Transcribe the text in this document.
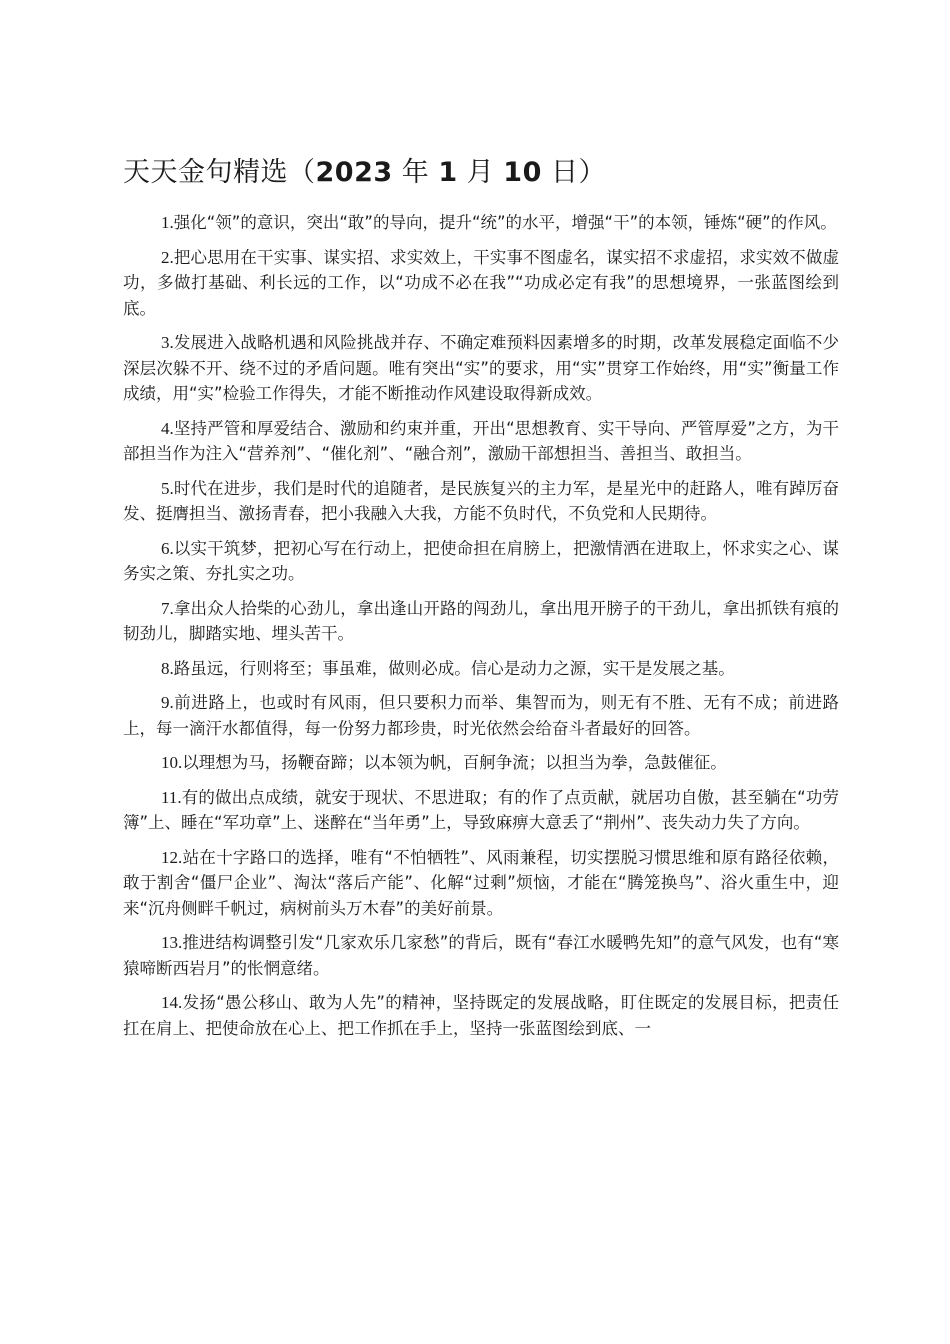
天天金句精选（2023 年 1 月 10 日）

1.强化“领”的意识，突出“敢”的导向，提升“统”的水平，增强“干”的本领，锤炼“硬”的作风。

2.把心思用在干实事、谋实招、求实效上，干实事不图虚名，谋实招不求虚招，求实效不做虚功，多做打基础、利长远的工作，以“功成不必在我”“功成必定有我”的思想境界，一张蓝图绘到底。

3.发展进入战略机遇和风险挑战并存、不确定难预料因素增多的时期，改革发展稳定面临不少深层次躲不开、绕不过的矛盾问题。唯有突出“实”的要求，用“实”贯穿工作始终，用“实”衡量工作成绩，用“实”检验工作得失，才能不断推动作风建设取得新成效。

4.坚持严管和厚爱结合、激励和约束并重，开出“思想教育、实干导向、严管厚爱”之方，为干部担当作为注入“营养剂”、“催化剂”、“融合剂”，激励干部想担当、善担当、敢担当。

5.时代在进步，我们是时代的追随者，是民族复兴的主力军，是星光中的赶路人，唯有踔厉奋发、挺膺担当、激扬青春，把小我融入大我，方能不负时代，不负党和人民期待。

6.以实干筑梦，把初心写在行动上，把使命担在肩膀上，把激情洒在进取上，怀求实之心、谋务实之策、夯扎实之功。

7.拿出众人拾柴的心劲儿，拿出逢山开路的闯劲儿，拿出甩开膀子的干劲儿，拿出抓铁有痕的韧劲儿，脚踏实地、埋头苦干。

8.路虽远，行则将至；事虽难，做则必成。信心是动力之源，实干是发展之基。

9.前进路上，也或时有风雨，但只要积力而举、集智而为，则无有不胜、无有不成；前进路上，每一滴汗水都值得，每一份努力都珍贵，时光依然会给奋斗者最好的回答。

10.以理想为马，扬鞭奋蹄；以本领为帆，百舸争流；以担当为拳，急鼓催征。

11.有的做出点成绩，就安于现状、不思进取；有的作了点贡献，就居功自傲，甚至躺在“功劳簿”上、睡在“军功章”上、迷醉在“当年勇”上，导致麻痹大意丢了“荆州”、丧失动力失了方向。

12.站在十字路口的选择，唯有“不怕牺牲”、风雨兼程，切实摆脱习惯思维和原有路径依赖，敢于割舍“僵尸企业”、淘汰“落后产能”、化解“过剩”烦恼，才能在“腾笼换鸟”、浴火重生中，迎来“沉舟侧畔千帆过，病树前头万木春”的美好前景。

13.推进结构调整引发“几家欢乐几家愁”的背后，既有“春江水暖鸭先知”的意气风发，也有“寒猿啼断西岩月”的怅惘意绪。

14.发扬“愚公移山、敢为人先”的精神，坚持既定的发展战略，盯住既定的发展目标，把责任扛在肩上、把使命放在心上、把工作抓在手上，坚持一张蓝图绘到底、一
